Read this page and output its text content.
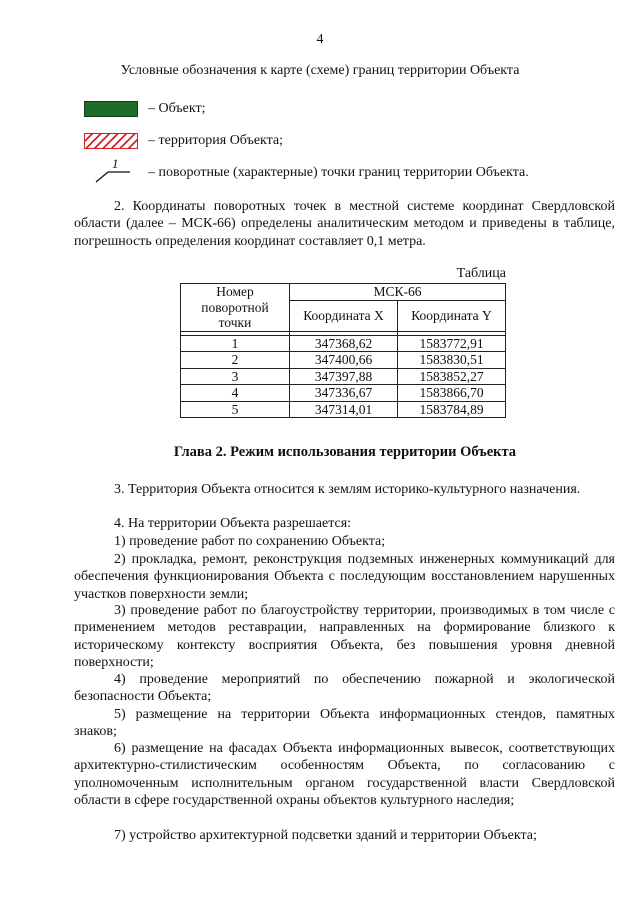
4
Условные обозначения к карте (схеме) границ территории Объекта
– Объект;
– территория Объекта;
1
– поворотные (характерные) точки границ территории Объекта.

2. Координаты поворотных точек в местной системе координат Свердловской области (далее – МСК-66) определены аналитическим методом и приведены в таблице, погрешность определения координат составляет 0,1 метра.

Таблица
Номер поворотной точки	МСК-66	
	Координата X	Координата Y

1	347368,62	1583772,91
2	347400,66	1583830,51
3	347397,88	1583852,27
4	347336,67	1583866,70
5	347314,01	1583784,89
Глава 2. Режим использования территории Объекта

3. Территория Объекта относится к землям историко-культурного назначения.

4. На территории Объекта разрешается:

1) проведение работ по сохранению Объекта;

2) прокладка, ремонт, реконструкция подземных инженерных коммуникаций для обеспечения функционирования Объекта с последующим восстановлением нарушенных участков поверхности земли;

3) проведение работ по благоустройству территории, производимых в том числе с применением методов реставрации, направленных на формирование близкого к историческому контексту восприятия Объекта, без повышения уровня дневной поверхности;

4) проведение мероприятий по обеспечению пожарной и экологической безопасности Объекта;

5) размещение на территории Объекта информационных стендов, памятных знаков;

6) размещение на фасадах Объекта информационных вывесок, соответствующих архитектурно-стилистическим особенностям Объекта, по согласованию с уполномоченным исполнительным органом государственной власти Свердловской области в сфере государственной охраны объектов культурного наследия;

7) устройство архитектурной подсветки зданий и территории Объекта;
